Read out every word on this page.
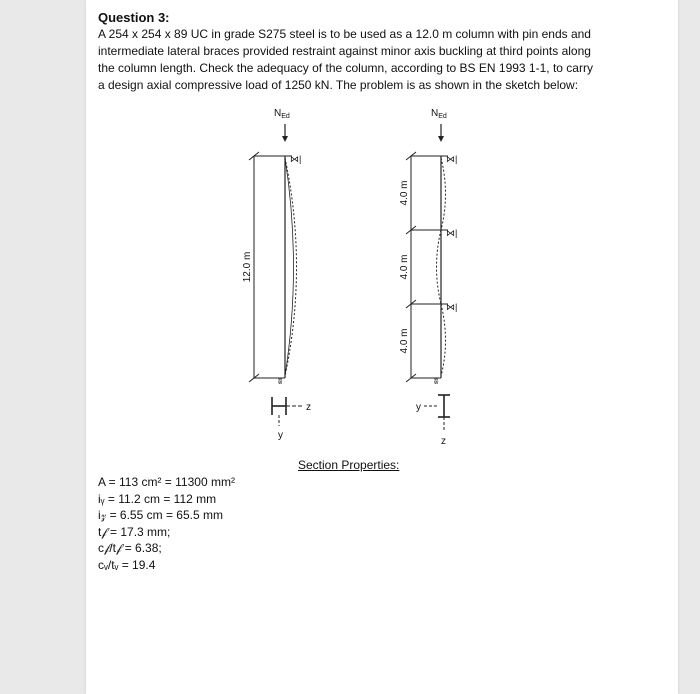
Question 3:
A 254 x 254 x 89 UC in grade S275 steel is to be used as a 12.0 m column with pin ends and intermediate lateral braces provided restraint against minor axis buckling at third points along the column length. Check the adequacy of the column, according to BS EN 1993 1-1, to carry a design axial compressive load of 1250 kN. The problem is as shown in the sketch below:
$N_{Ed}$
⋈|
12.0 m
ʬ
z
y
$N_{Ed}$
⋈|
⋈|
⋈|
ʬ
4.0 m
4.0 m
4.0 m
y
z
Section Properties:
A = 113 cm² = 11300 mm²
iᵧ = 11.2 cm = 112 mm
i𝓏 = 6.55 cm = 65.5 mm
t𝒻 = 17.3 mm;
c𝒻/t𝒻 = 6.38;
cᵥ/tᵥ = 19.4
